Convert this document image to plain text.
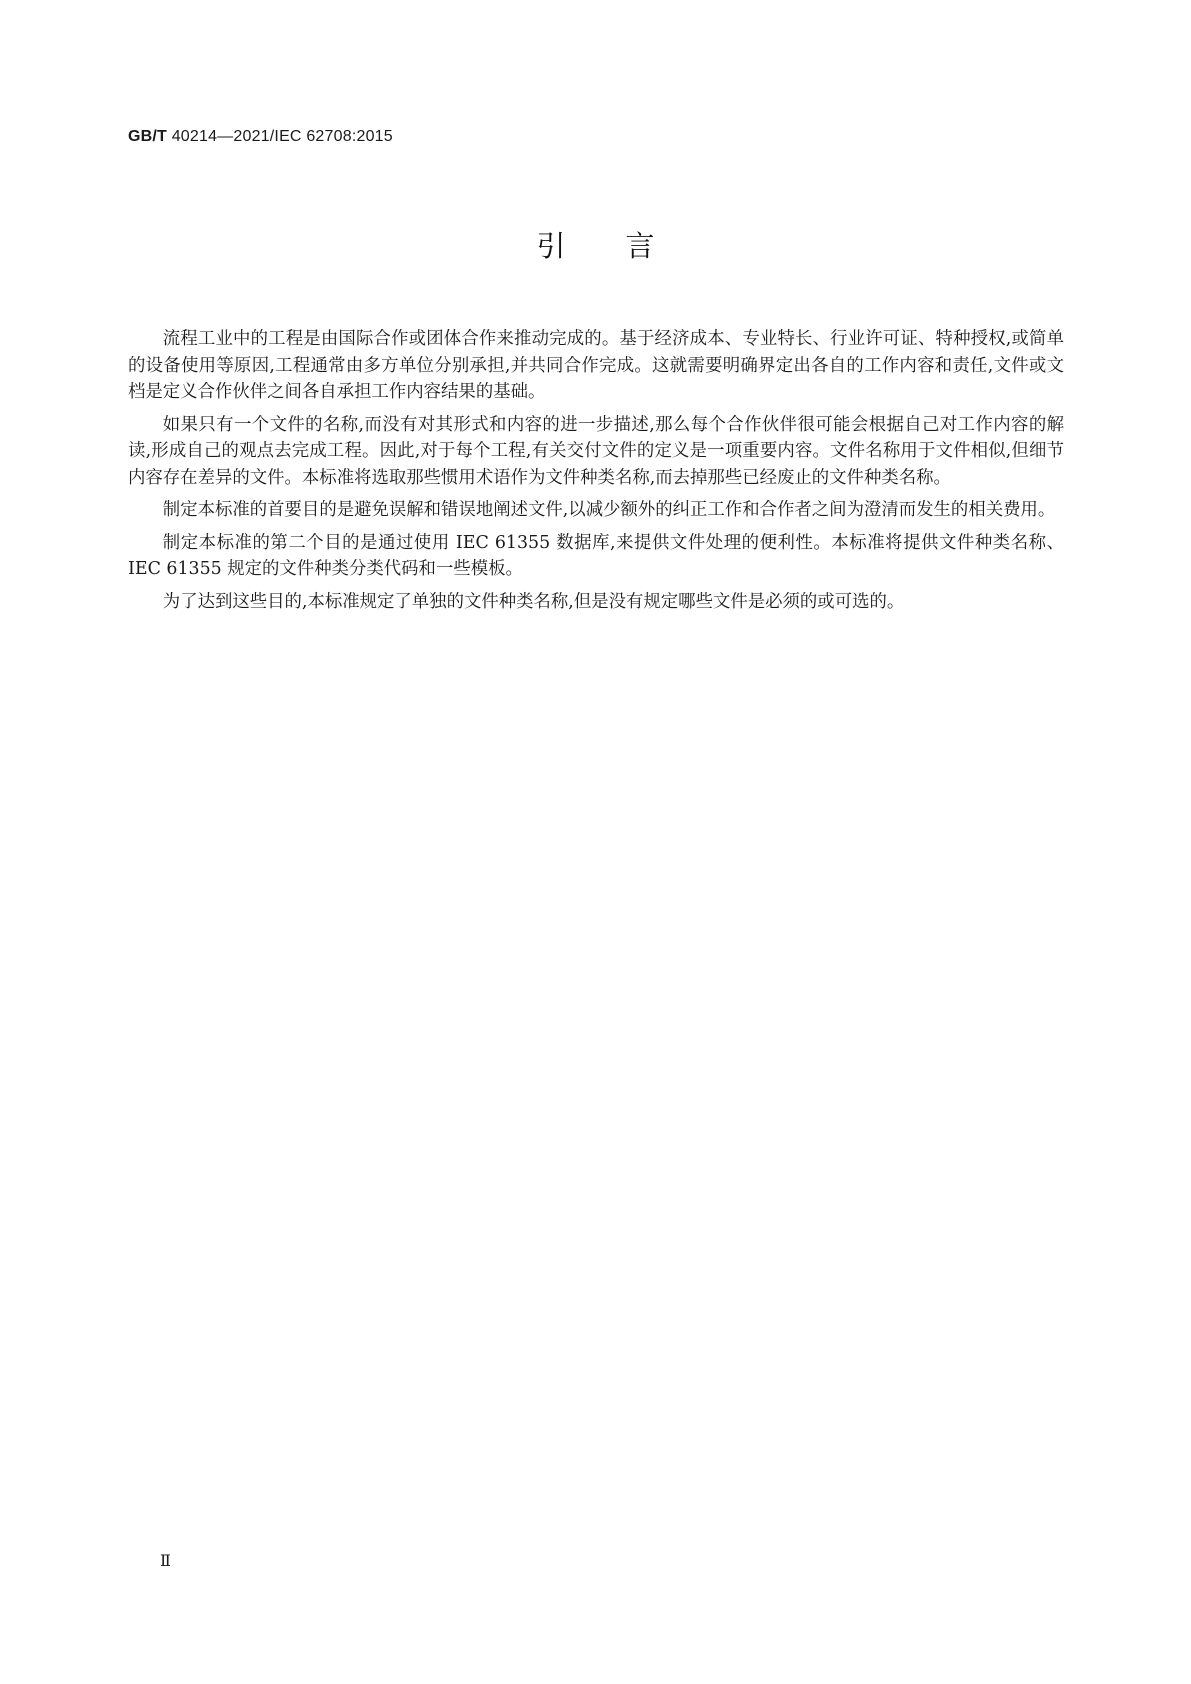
GB/T 40214—2021/IEC 62708:2015
引言

流程工业中的工程是由国际合作或团体合作来推动完成的。基于经济成本、专业特长、行业许可证、特种授权,或简单的设备使用等原因,工程通常由多方单位分别承担,并共同合作完成。这就需要明确界定出各自的工作内容和责任,文件或文档是定义合作伙伴之间各自承担工作内容结果的基础。

如果只有一个文件的名称,而没有对其形式和内容的进一步描述,那么每个合作伙伴很可能会根据自己对工作内容的解读,形成自己的观点去完成工程。因此,对于每个工程,有关交付文件的定义是一项重要内容。文件名称用于文件相似,但细节内容存在差异的文件。本标准将选取那些惯用术语作为文件种类名称,而去掉那些已经废止的文件种类名称。

制定本标准的首要目的是避免误解和错误地阐述文件,以减少额外的纠正工作和合作者之间为澄清而发生的相关费用。

制定本标准的第二个目的是通过使用 IEC 61355 数据库,来提供文件处理的便利性。本标准将提供文件种类名称、IEC 61355 规定的文件种类分类代码和一些模板。

为了达到这些目的,本标准规定了单独的文件种类名称,但是没有规定哪些文件是必须的或可选的。

Ⅱ
